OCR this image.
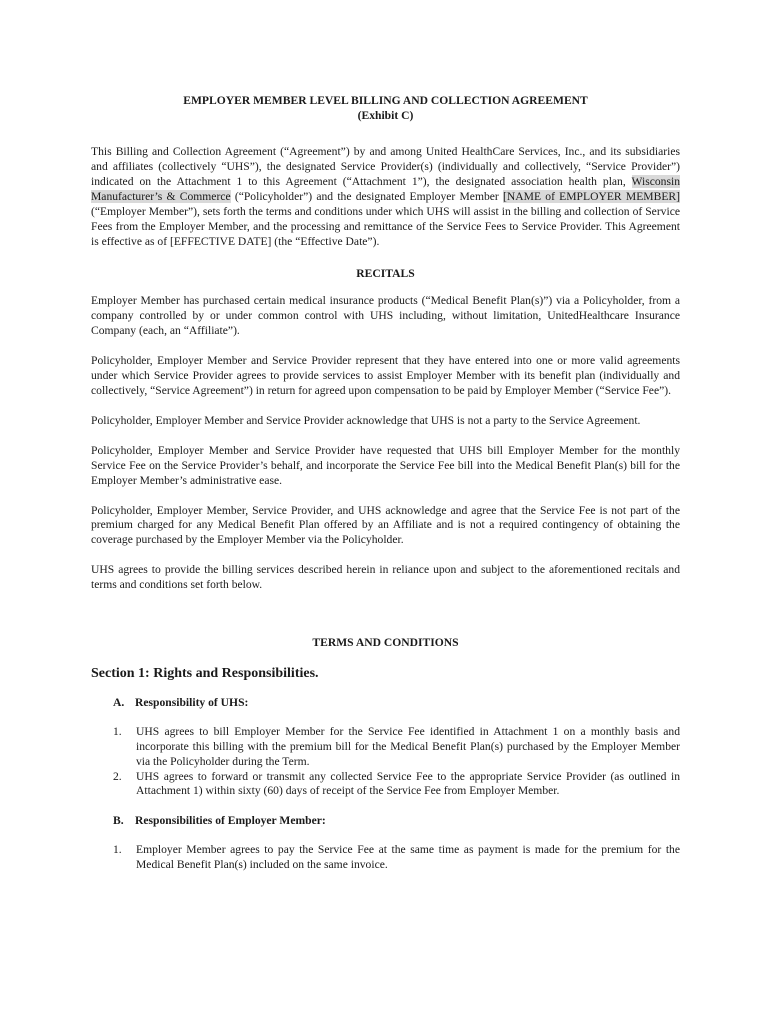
EMPLOYER MEMBER LEVEL BILLING AND COLLECTION AGREEMENT
(Exhibit C)

This Billing and Collection Agreement (“Agreement”) by and among United HealthCare Services, Inc., and its subsidiaries and affiliates (collectively “UHS”), the designated Service Provider(s) (individually and collectively, “Service Provider”) indicated on the Attachment 1 to this Agreement (“Attachment 1”), the designated association health plan, Wisconsin Manufacturer’s & Commerce (“Policyholder”) and the designated Employer Member [NAME of EMPLOYER MEMBER] (“Employer Member”), sets forth the terms and conditions under which UHS will assist in the billing and collection of Service Fees from the Employer Member, and the processing and remittance of the Service Fees to Service Provider. This Agreement is effective as of [EFFECTIVE DATE] (the “Effective Date”).

RECITALS

Employer Member has purchased certain medical insurance products (“Medical Benefit Plan(s)”) via a Policyholder, from a company controlled by or under common control with UHS including, without limitation, UnitedHealthcare Insurance Company (each, an “Affiliate”).

Policyholder, Employer Member and Service Provider represent that they have entered into one or more valid agreements under which Service Provider agrees to provide services to assist Employer Member with its benefit plan (individually and collectively, “Service Agreement”) in return for agreed upon compensation to be paid by Employer Member (“Service Fee”).

Policyholder, Employer Member and Service Provider acknowledge that UHS is not a party to the Service Agreement.

Policyholder, Employer Member and Service Provider have requested that UHS bill Employer Member for the monthly Service Fee on the Service Provider’s behalf, and incorporate the Service Fee bill into the Medical Benefit Plan(s) bill for the Employer Member’s administrative ease.

Policyholder, Employer Member, Service Provider, and UHS acknowledge and agree that the Service Fee is not part of the premium charged for any Medical Benefit Plan offered by an Affiliate and is not a required contingency of obtaining the coverage purchased by the Employer Member via the Policyholder.

UHS agrees to provide the billing services described herein in reliance upon and subject to the aforementioned recitals and terms and conditions set forth below.

TERMS AND CONDITIONS

Section 1: Rights and Responsibilities.

A. Responsibility of UHS:
1.	UHS agrees to bill Employer Member for the Service Fee identified in Attachment 1 on a monthly basis and incorporate this billing with the premium bill for the Medical Benefit Plan(s) purchased by the Employer Member via the Policyholder during the Term.
2.	UHS agrees to forward or transmit any collected Service Fee to the appropriate Service Provider (as outlined in Attachment 1) within sixty (60) days of receipt of the Service Fee from Employer Member.
B. Responsibilities of Employer Member:
1.	Employer Member agrees to pay the Service Fee at the same time as payment is made for the premium for the Medical Benefit Plan(s) included on the same invoice.
